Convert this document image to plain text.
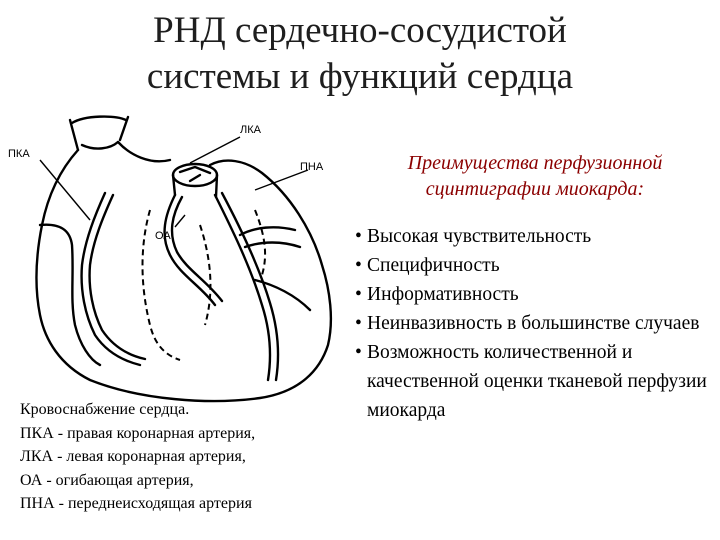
РНД сердечно-сосудистой
системы и функций сердца
ПКА
ЛКА
ПНА
ОА
Кровоснабжение сердца.
ПКА - правая коронарная артерия,
ЛКА - левая коронарная артерия,
ОА - огибающая артерия,
ПНА - переднеисходящая артерия
Преимущества перфузионной
сцинтиграфии миокарда:
• Высокая чувствительность
• Специфичность
• Информативность
• Неинвазивность в большинстве случаев
• Возможность количественной и качественной оценки тканевой перфузии миокарда
